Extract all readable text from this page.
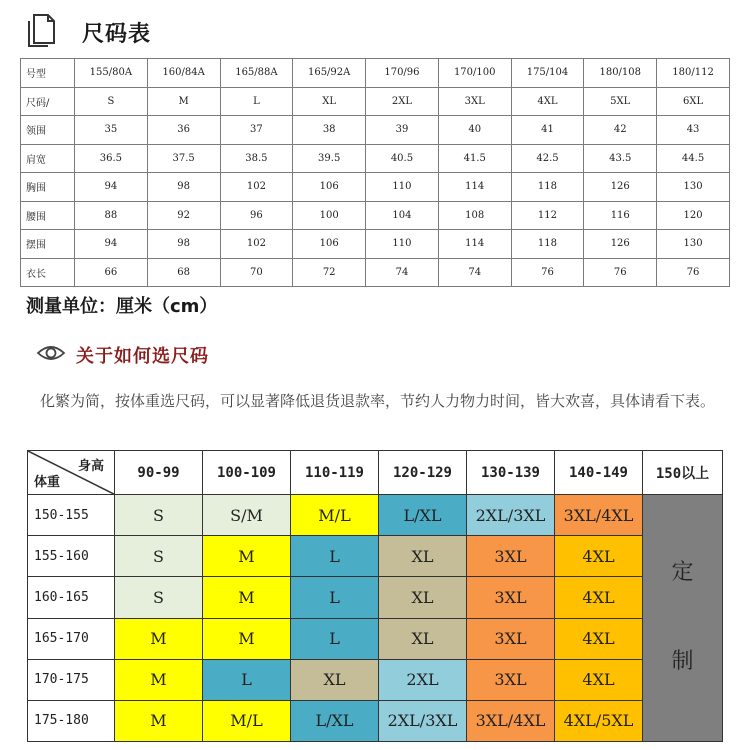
尺码表
号型	155/80A	160/84A	165/88A	165/92A	170/96	170/100	175/104	180/108	180/112
尺码/	S	M	L	XL	2XL	3XL	4XL	5XL	6XL
领围	35	36	37	38	39	40	41	42	43
肩宽	36.5	37.5	38.5	39.5	40.5	41.5	42.5	43.5	44.5
胸围	94	98	102	106	110	114	118	126	130
腰围	88	92	96	100	104	108	112	116	120
摆围	94	98	102	106	110	114	118	126	130
衣长	66	68	70	72	74	74	76	76	76
测量单位：厘米（cm）
关于如何选尺码
化繁为简，按体重选尺码，可以显著降低退货退款率，节约人力物力时间，皆大欢喜，具体请看下表。
身高
体重	90-99	100-109	110-119	120-129	130-139	140-149	150以上
150-155	S	S/M	M/L	L/XL	2XL/3XL	3XL/4XL	定
制

155-160	S	M	L	XL	3XL	4XL	
160-165	S	M	L	XL	3XL	4XL	
165-170	M	M	L	XL	3XL	4XL	
170-175	M	L	XL	2XL	3XL	4XL	
175-180	M	M/L	L/XL	2XL/3XL	3XL/4XL	4XL/5XL	
